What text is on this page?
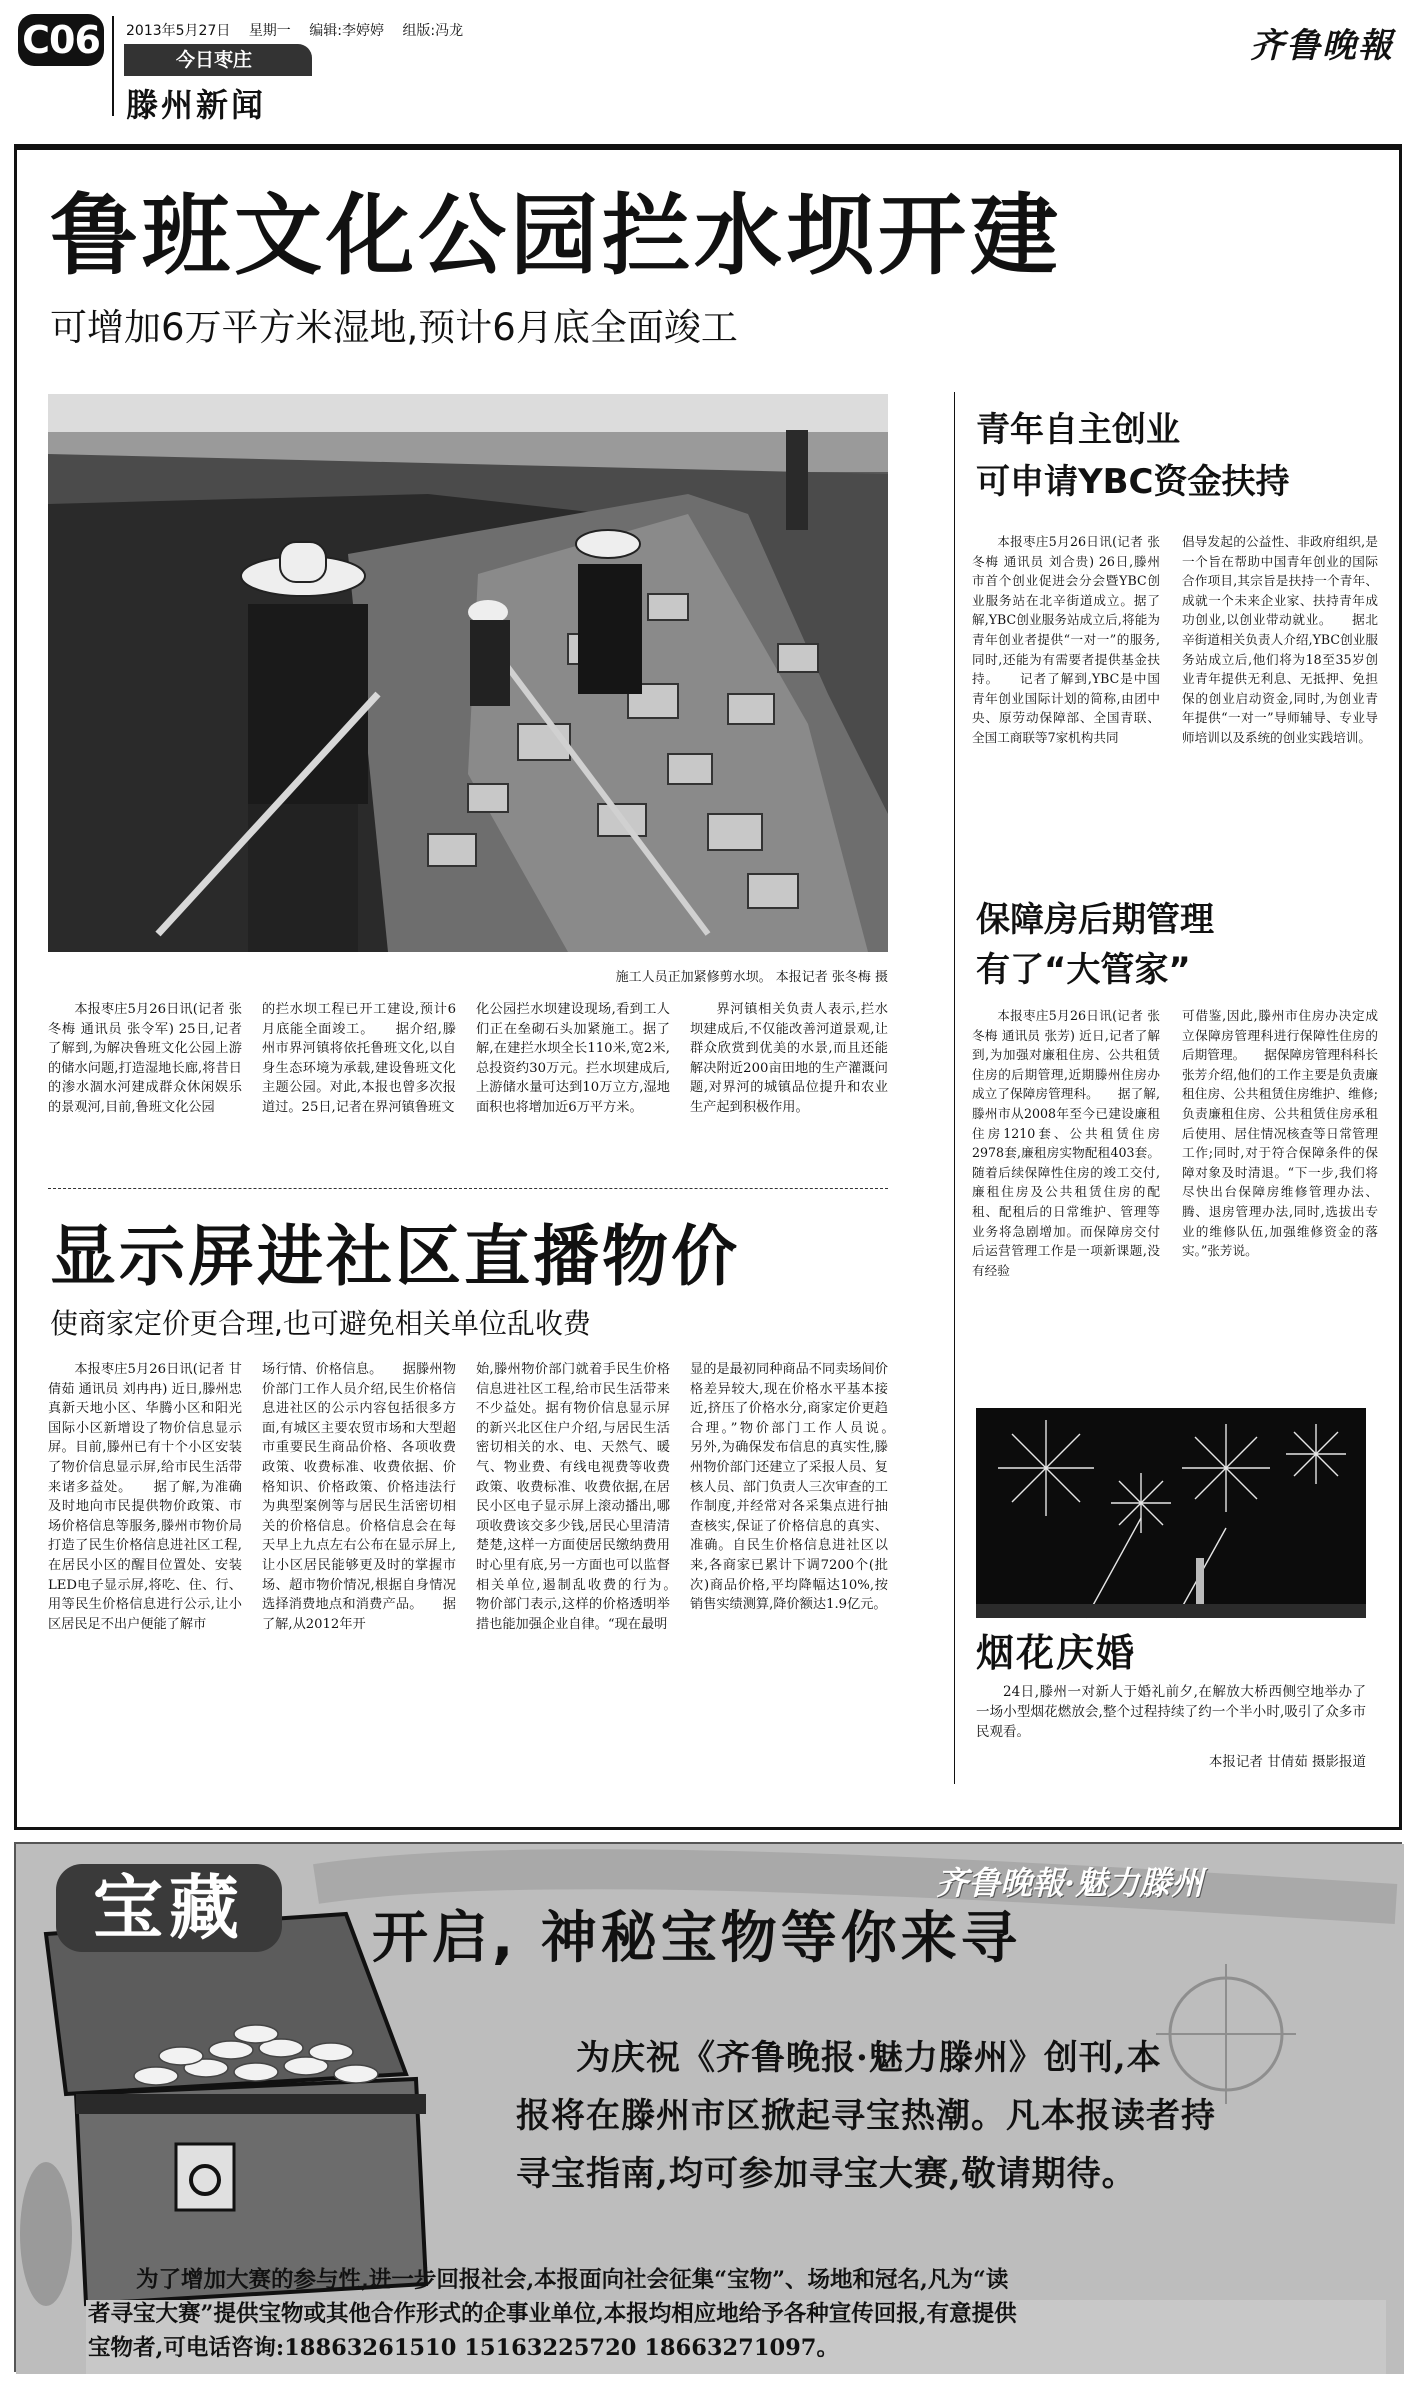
C06 2013年5月27日 星期一 编辑:李婷婷 组版:冯龙
今日枣庄
滕州新闻
齐鲁晚報
鲁班文化公园拦水坝开建
可增加6万平方米湿地,预计6月底全面竣工
施工人员正加紧修剪水坝。 本报记者 张冬梅 摄
本报枣庄5月26日讯(记者 张冬梅 通讯员 张令军) 25日,记者了解到,为解决鲁班文化公园上游的储水问题,打造湿地长廊,将昔日的渗水涸水河建成群众休闲娱乐的景观河,目前,鲁班文化公园
的拦水坝工程已开工建设,预计6月底能全面竣工。　　据介绍,滕州市界河镇将依托鲁班文化,以自身生态环境为承载,建设鲁班文化主题公园。对此,本报也曾多次报道过。25日,记者在界河镇鲁班文
化公园拦水坝建设现场,看到工人们正在垒砌石头加紧施工。据了解,在建拦水坝全长110米,宽2米,总投资约30万元。拦水坝建成后,上游储水量可达到10万立方,湿地面积也将增加近6万平方米。
界河镇相关负责人表示,拦水坝建成后,不仅能改善河道景观,让群众欣赏到优美的水景,而且还能解决附近200亩田地的生产灌溉问题,对界河的城镇品位提升和农业生产起到积极作用。
显示屏进社区直播物价
使商家定价更合理,也可避免相关单位乱收费
本报枣庄5月26日讯(记者 甘倩茹 通讯员 刘冉冉) 近日,滕州忠真新天地小区、华腾小区和阳光国际小区新增设了物价信息显示屏。目前,滕州已有十个小区安装了物价信息显示屏,给市民生活带来诸多益处。　　据了解,为准确及时地向市民提供物价政策、市场价格信息等服务,滕州市物价局打造了民生价格信息进社区工程,在居民小区的醒目位置处、安装LED电子显示屏,将吃、住、行、用等民生价格信息进行公示,让小区居民足不出户便能了解市
场行情、价格信息。　　据滕州物价部门工作人员介绍,民生价格信息进社区的公示内容包括很多方面,有城区主要农贸市场和大型超市重要民生商品价格、各项收费政策、收费标准、收费依据、价格知识、价格政策、价格违法行为典型案例等与居民生活密切相关的价格信息。价格信息会在每天早上九点左右公布在显示屏上,让小区居民能够更及时的掌握市场、超市物价情况,根据自身情况选择消费地点和消费产品。　　据了解,从2012年开
始,滕州物价部门就着手民生价格信息进社区工程,给市民生活带来不少益处。据有物价信息显示屏的新兴北区住户介绍,与居民生活密切相关的水、电、天然气、暖气、物业费、有线电视费等收费政策、收费标准、收费依据,在居民小区电子显示屏上滚动播出,哪项收费该交多少钱,居民心里清清楚楚,这样一方面使居民缴纳费用时心里有底,另一方面也可以监督相关单位,遏制乱收费的行为。　　物价部门表示,这样的价格透明举措也能加强企业自律。“现在最明
显的是最初同种商品不同卖场间价格差异较大,现在价格水平基本接近,挤压了价格水分,商家定价更趋合理。”物价部门工作人员说。　　另外,为确保发布信息的真实性,滕州物价部门还建立了采报人员、复核人员、部门负责人三次审查的工作制度,并经常对各采集点进行抽查核实,保证了价格信息的真实、准确。自民生价格信息进社区以来,各商家已累计下调7200个(批次)商品价格,平均降幅达10%,按销售实绩测算,降价额达1.9亿元。
青年自主创业
可申请YBC资金扶持
本报枣庄5月26日讯(记者 张冬梅 通讯员 刘合贵) 26日,滕州市首个创业促进会分会暨YBC创业服务站在北辛街道成立。据了解,YBC创业服务站成立后,将能为青年创业者提供“一对一”的服务,同时,还能为有需要者提供基金扶持。　　记者了解到,YBC是中国青年创业国际计划的简称,由团中央、原劳动保障部、全国青联、全国工商联等7家机构共同
倡导发起的公益性、非政府组织,是一个旨在帮助中国青年创业的国际合作项目,其宗旨是扶持一个青年、成就一个未来企业家、扶持青年成功创业,以创业带动就业。　　据北辛街道相关负责人介绍,YBC创业服务站成立后,他们将为18至35岁创业青年提供无利息、无抵押、免担保的创业启动资金,同时,为创业青年提供“一对一”导师辅导、专业导师培训以及系统的创业实践培训。
保障房后期管理
有了“大管家”
本报枣庄5月26日讯(记者 张冬梅 通讯员 张芳) 近日,记者了解到,为加强对廉租住房、公共租赁住房的后期管理,近期滕州住房办成立了保障房管理科。　　据了解,滕州市从2008年至今已建设廉租住房1210套、公共租赁住房2978套,廉租房实物配租403套。随着后续保障性住房的竣工交付,廉租住房及公共租赁住房的配租、配租后的日常维护、管理等业务将急剧增加。而保障房交付后运营管理工作是一项新课题,没有经验
可借鉴,因此,滕州市住房办决定成立保障房管理科进行保障性住房的后期管理。　　据保障房管理科科长张芳介绍,他们的工作主要是负责廉租住房、公共租赁住房维护、维修;负责廉租住房、公共租赁住房承租后使用、居住情况核查等日常管理工作;同时,对于符合保障条件的保障对象及时清退。“下一步,我们将尽快出台保障房维修管理办法、腾、退房管理办法,同时,选拔出专业的维修队伍,加强维修资金的落实。”张芳说。
烟花庆婚
24日,滕州一对新人于婚礼前夕,在解放大桥西侧空地举办了一场小型烟花燃放会,整个过程持续了约一个半小时,吸引了众多市民观看。
本报记者 甘倩茹 摄影报道
齐鲁晚報·魅力滕州
宝藏	开启, 神秘宝物等你来寻
为庆祝《齐鲁晚报·魅力滕州》创刊,本
报将在滕州市区掀起寻宝热潮。凡本报读者持
寻宝指南,均可参加寻宝大赛,敬请期待。
为了增加大赛的参与性,进一步回报社会,本报面向社会征集“宝物”、场地和冠名,凡为“读
者寻宝大赛”提供宝物或其他合作形式的企事业单位,本报均相应地给予各种宣传回报,有意提供
宝物者,可电话咨询:18863261510 15163225720 18663271097。
